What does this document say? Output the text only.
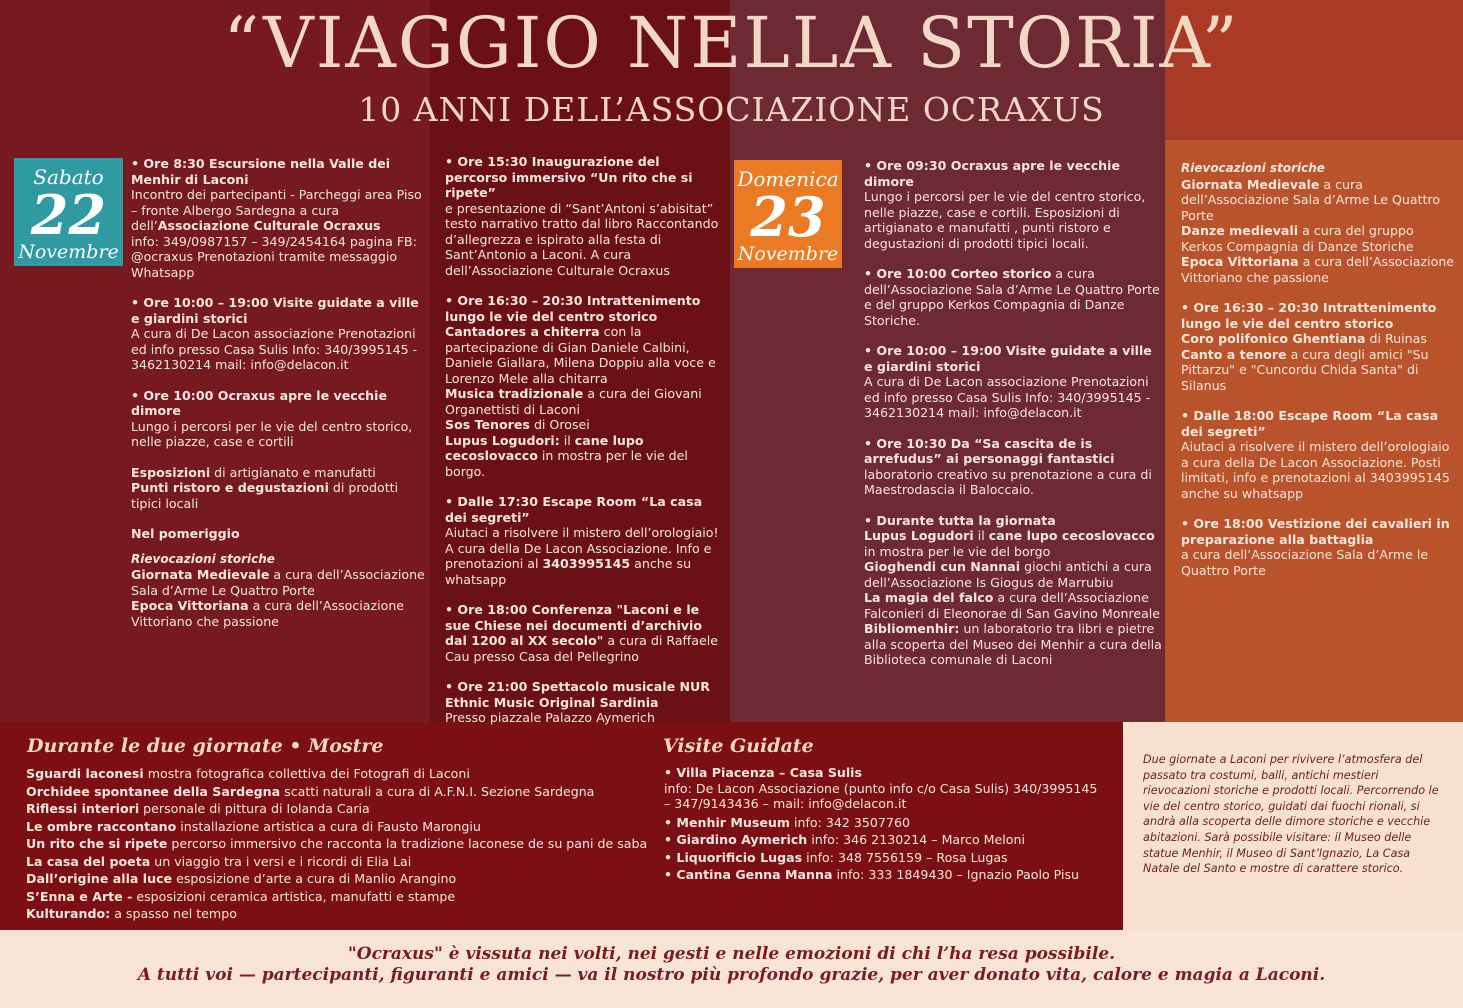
“VIAGGIO NELLA STORIA”
10 ANNI DELL’ASSOCIAZIONE OCRAXUS
Sabato
22
Novembre
Domenica
23
Novembre

• Ore 8:30 Escursione nella Valle dei Menhir di Laconi
Incontro dei partecipanti - Parcheggi area Piso – fronte Albergo Sardegna a cura dell’Associazione Culturale Ocraxus
info: 349/0987157 – 349/2454164 pagina FB: @ocraxus Prenotazioni tramite messaggio Whatsapp

• Ore 10:00 – 19:00 Visite guidate a ville e giardini storici
A cura di De Lacon associazione Prenotazioni ed info presso Casa Sulis Info: 340/3995145 - 3462130214 mail: info@delacon.it

• Ore 10:00 Ocraxus apre le vecchie dimore
Lungo i percorsi per le vie del centro storico, nelle piazze, case e cortili

Esposizioni di artigianato e manufatti
Punti ristoro e degustazioni di prodotti tipici locali

Nel pomeriggio

Rievocazioni storiche
Giornata Medievale a cura dell’Associazione Sala d’Arme Le Quattro Porte
Epoca Vittoriana a cura dell’Associazione Vittoriano che passione

• Ore 15:30 Inaugurazione del percorso immersivo “Un rito che si ripete”
e presentazione di “Sant’Antoni s’abisitat” testo narrativo tratto dal libro Raccontando d’allegrezza e ispirato alla festa di Sant’Antonio a Laconi. A cura dell’Associazione Culturale Ocraxus

• Ore 16:30 – 20:30 Intrattenimento lungo le vie del centro storico
Cantadores a chiterra con la partecipazione di Gian Daniele Calbini, Daniele Giallara, Milena Doppiu alla voce e Lorenzo Mele alla chitarra
Musica tradizionale a cura dei Giovani Organettisti di Laconi
Sos Tenores di Orosei
Lupus Logudori: il cane lupo cecoslovacco in mostra per le vie del borgo.

• Dalle 17:30 Escape Room “La casa dei segreti”
Aiutaci a risolvere il mistero dell’orologiaio! A cura della De Lacon Associazione. Info e prenotazioni al 3403995145 anche su whatsapp

• Ore 18:00 Conferenza "Laconi e le sue Chiese nei documenti d’archivio dal 1200 al XX secolo" a cura di Raffaele Cau presso Casa del Pellegrino

• Ore 21:00 Spettacolo musicale NUR Ethnic Music Original Sardinia
Presso piazzale Palazzo Aymerich

• Ore 09:30 Ocraxus apre le vecchie dimore
Lungo i percorsi per le vie del centro storico, nelle piazze, case e cortili. Esposizioni di artigianato e manufatti , punti ristoro e degustazioni di prodotti tipici locali.

• Ore 10:00 Corteo storico a cura dell’Associazione Sala d’Arme Le Quattro Porte e del gruppo Kerkos Compagnia di Danze Storiche.

• Ore 10:00 – 19:00 Visite guidate a ville e giardini storici
A cura di De Lacon associazione Prenotazioni ed info presso Casa Sulis Info: 340/3995145 - 3462130214 mail: info@delacon.it

• Ore 10:30 Da “Sa cascita de is arrefudus” ai personaggi fantastici laboratorio creativo su prenotazione a cura di Maestrodascia il Baloccaio.

• Durante tutta la giornata
Lupus Logudori il cane lupo cecoslovacco in mostra per le vie del borgo
Gioghendi cun Nannai giochi antichi a cura dell’Associazione Is Giogus de Marrubiu
La magia del falco a cura dell’Associazione Falconieri di Eleonorae di San Gavino Monreale
Bibliomenhir: un laboratorio tra libri e pietre alla scoperta del Museo dei Menhir a cura della Biblioteca comunale di Laconi

Rievocazioni storiche
Giornata Medievale a cura dell’Associazione Sala d’Arme Le Quattro Porte
Danze medievali a cura del gruppo Kerkos Compagnia di Danze Storiche
Epoca Vittoriana a cura dell’Associazione Vittoriano che passione

• Ore 16:30 – 20:30 Intrattenimento lungo le vie del centro storico
Coro polifonico Ghentiana di Ruinas
Canto a tenore a cura degli amici "Su Pittarzu" e "Cuncordu Chida Santa" di Silanus

• Dalle 18:00 Escape Room “La casa dei segreti”
Aiutaci a risolvere il mistero dell’orologiaio a cura della De Lacon Associazione. Posti limitati, info e prenotazioni al 3403995145 anche su whatsapp

• Ore 18:00 Vestizione dei cavalieri in preparazione alla battaglia
a cura dell’Associazione Sala d’Arme le Quattro Porte

Durante le due giornate • Mostre
Sguardi laconesi mostra fotografica collettiva dei Fotografi di Laconi
Orchidee spontanee della Sardegna scatti naturali a cura di A.F.N.I. Sezione Sardegna
Riflessi interiori personale di pittura di Iolanda Caria
Le ombre raccontano installazione artistica a cura di Fausto Marongiu
Un rito che si ripete percorso immersivo che racconta la tradizione laconese de su pani de saba
La casa del poeta un viaggio tra i versi e i ricordi di Elia Lai
Dall’origine alla luce esposizione d’arte a cura di Manlio Arangino
S’Enna e Arte - esposizioni ceramica artistica, manufatti e stampe
Kulturando: a spasso nel tempo
Visite Guidate
• Villa Piacenza – Casa Sulis
info: De Lacon Associazione (punto info c/o Casa Sulis) 340/3995145 – 347/9143436 – mail: info@delacon.it
• Menhir Museum info: 342 3507760
• Giardino Aymerich info: 346 2130214 – Marco Meloni
• Liquorificio Lugas info: 348 7556159 – Rosa Lugas
• Cantina Genna Manna info: 333 1849430 – Ignazio Paolo Pisu
Due giornate a Laconi per rivivere l’atmosfera del passato tra costumi, balli, antichi mestieri rievocazioni storiche e prodotti locali. Percorrendo le vie del centro storico, guidati dai fuochi rionali, si andrà alla scoperta delle dimore storiche e vecchie abitazioni. Sarà possibile visitare: il Museo delle statue Menhir, il Museo di Sant’Ignazio, La Casa Natale del Santo e mostre di carattere storico.
"Ocraxus" è vissuta nei volti, nei gesti e nelle emozioni di chi l’ha resa possibile.
A tutti voi — partecipanti, figuranti e amici — va il nostro più profondo grazie, per aver donato vita, calore e magia a Laconi.
